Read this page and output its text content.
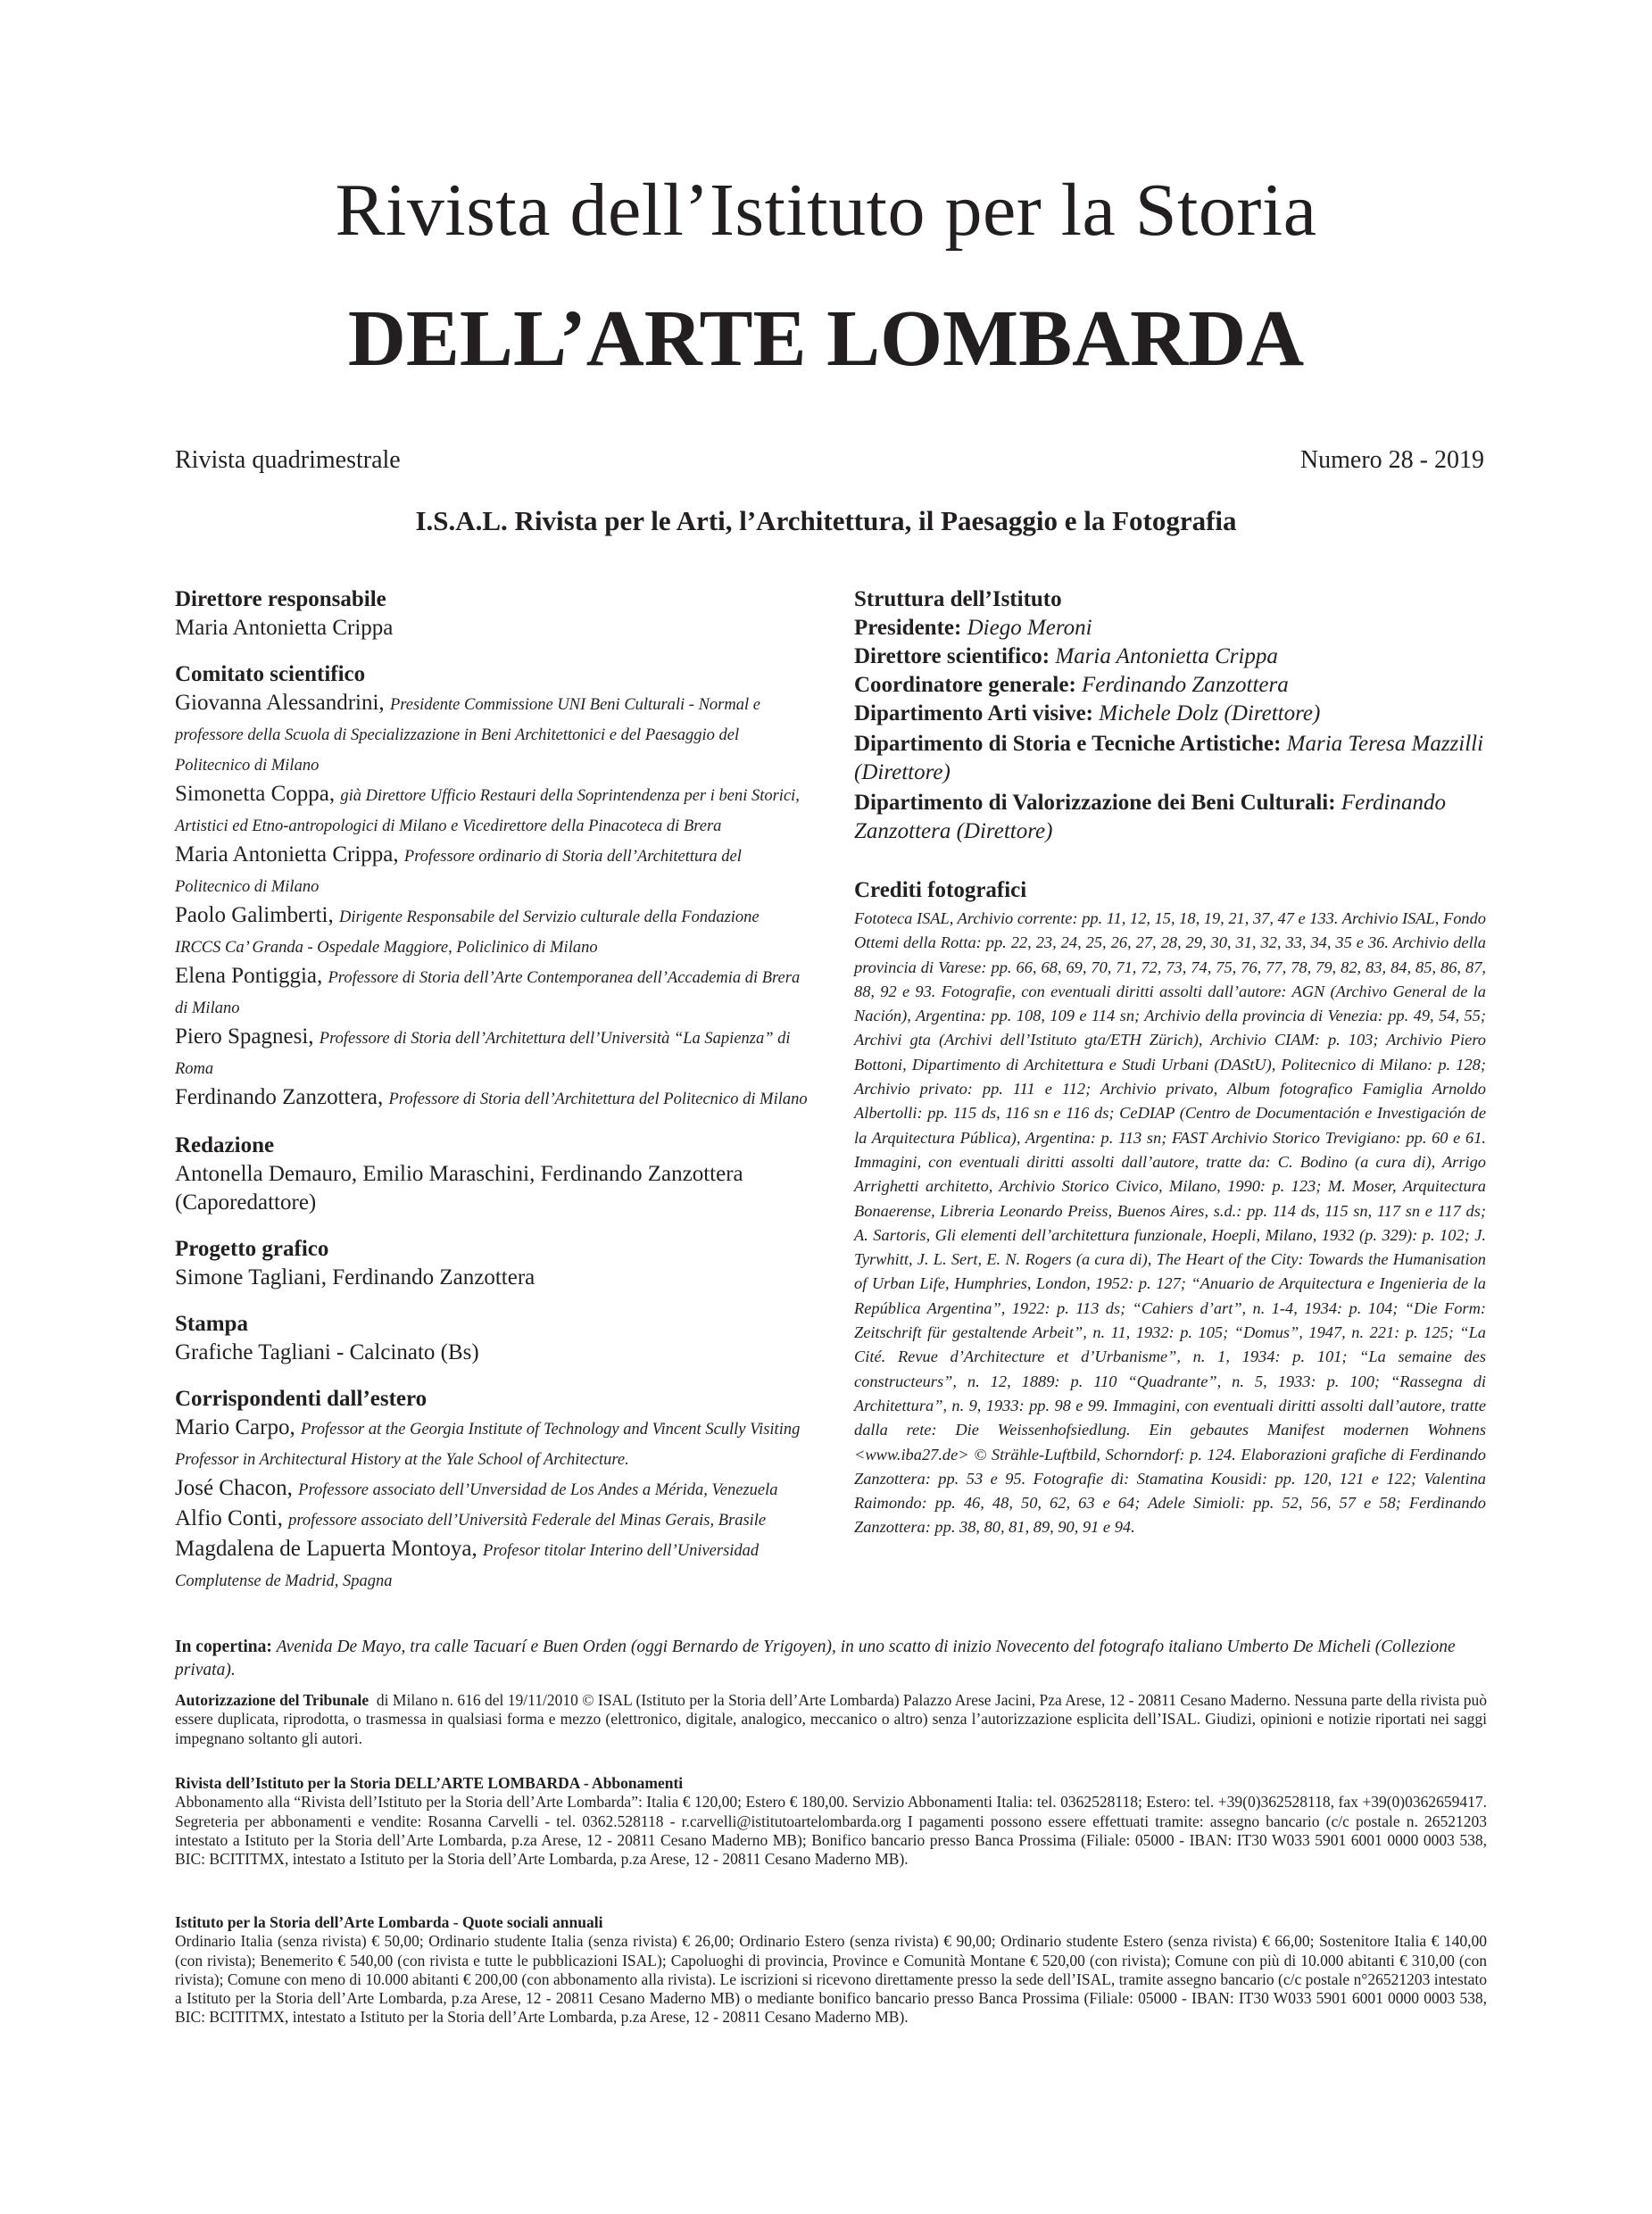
Rivista dell’Istituto per la Storia
DELL’ARTE LOMBARDA
Rivista quadrimestrale	Numero 28 - 2019
I.S.A.L. Rivista per le Arti, l’Architettura, il Paesaggio e la Fotografia
Direttore responsabile
Maria Antonietta Crippa
Comitato scientifico
Giovanna Alessandrini, Presidente Commissione UNI Beni Culturali - Normal e professore della Scuola di Specializzazione in Beni Architettonici e del Paesaggio del Politecnico di Milano
Simonetta Coppa, già Direttore Ufficio Restauri della Soprintendenza per i beni Storici, Artistici ed Etno-antropologici di Milano e Vicedirettore della Pinacoteca di Brera
Maria Antonietta Crippa, Professore ordinario di Storia dell’Architettura del Politecnico di Milano
Paolo Galimberti, Dirigente Responsabile del Servizio culturale della Fondazione IRCCS Ca’ Granda - Ospedale Maggiore, Policlinico di Milano
Elena Pontiggia, Professore di Storia dell’Arte Contemporanea dell’Accademia di Brera di Milano
Piero Spagnesi, Professore di Storia dell’Architettura dell’Università “La Sapienza” di Roma
Ferdinando Zanzottera, Professore di Storia dell’Architettura del Politecnico di Milano
Redazione
Antonella Demauro, Emilio Maraschini, Ferdinando Zanzottera (Caporedattore)
Progetto grafico
Simone Tagliani, Ferdinando Zanzottera
Stampa
Grafiche Tagliani - Calcinato (Bs)
Corrispondenti dall’estero
Mario Carpo, Professor at the Georgia Institute of Technology and Vincent Scully Visiting Professor in Architectural History at the Yale School of Architecture.
José Chacon, Professore associato dell’Unversidad de Los Andes a Mérida, Venezuela
Alfio Conti, professore associato dell’Università Federale del Minas Gerais, Brasile
Magdalena de Lapuerta Montoya, Profesor titolar Interino dell’Universidad Complutense de Madrid, Spagna
Struttura dell’Istituto
Presidente: Diego Meroni
Direttore scientifico: Maria Antonietta Crippa
Coordinatore generale: Ferdinando Zanzottera
Dipartimento Arti visive: Michele Dolz (Direttore)
Dipartimento di Storia e Tecniche Artistiche: Maria Teresa Mazzilli (Direttore)
Dipartimento di Valorizzazione dei Beni Culturali: Ferdinando Zanzottera (Direttore)
Crediti fotografici
Fototeca ISAL, Archivio corrente: pp. 11, 12, 15, 18, 19, 21, 37, 47 e 133. Archivio ISAL, Fondo Ottemi della Rotta: pp. 22, 23, 24, 25, 26, 27, 28, 29, 30, 31, 32, 33, 34, 35 e 36. Archivio della provincia di Varese: pp. 66, 68, 69, 70, 71, 72, 73, 74, 75, 76, 77, 78, 79, 82, 83, 84, 85, 86, 87, 88, 92 e 93. Fotografie, con eventuali diritti assolti dall’autore: AGN (Archivo General de la Nación), Argentina: pp. 108, 109 e 114 sn; Archivio della provincia di Venezia: pp. 49, 54, 55; Archivi gta (Archivi dell’Istituto gta/ETH Zürich), Archivio CIAM: p. 103; Archivio Piero Bottoni, Dipartimento di Architettura e Studi Urbani (DAStU), Politecnico di Milano: p. 128; Archivio privato: pp. 111 e 112; Archivio privato, Album fotografico Famiglia Arnoldo Albertolli: pp. 115 ds, 116 sn e 116 ds; CeDIAP (Centro de Documentación e Investigación de la Arquitectura Pública), Argentina: p. 113 sn; FAST Archivio Storico Trevigiano: pp. 60 e 61. Immagini, con eventuali diritti assolti dall’autore, tratte da: C. Bodino (a cura di), Arrigo Arrighetti architetto, Archivio Storico Civico, Milano, 1990: p. 123; M. Moser, Arquitectura Bonaerense, Libreria Leonardo Preiss, Buenos Aires, s.d.: pp. 114 ds, 115 sn, 117 sn e 117 ds; A. Sartoris, Gli elementi dell’architettura funzionale, Hoepli, Milano, 1932 (p. 329): p. 102; J. Tyrwhitt, J. L. Sert, E. N. Rogers (a cura di), The Heart of the City: Towards the Humanisation of Urban Life, Humphries, London, 1952: p. 127; “Anuario de Arquitectura e Ingenieria de la República Argentina”, 1922: p. 113 ds; “Cahiers d’art”, n. 1-4, 1934: p. 104; “Die Form: Zeitschrift für gestaltende Arbeit”, n. 11, 1932: p. 105; “Domus”, 1947, n. 221: p. 125; “La Cité. Revue d’Architecture et d’Urbanisme”, n. 1, 1934: p. 101; “La semaine des constructeurs”, n. 12, 1889: p. 110 “Quadrante”, n. 5, 1933: p. 100; “Rassegna di Architettura”, n. 9, 1933: pp. 98 e 99. Immagini, con eventuali diritti assolti dall’autore, tratte dalla rete: Die Weissenhofsiedlung. Ein gebautes Manifest modernen Wohnens <www.iba27.de> © Strähle-Luftbild, Schorndorf: p. 124. Elaborazioni grafiche di Ferdinando Zanzottera: pp. 53 e 95. Fotografie di: Stamatina Kousidi: pp. 120, 121 e 122; Valentina Raimondo: pp. 46, 48, 50, 62, 63 e 64; Adele Simioli: pp. 52, 56, 57 e 58; Ferdinando Zanzottera: pp. 38, 80, 81, 89, 90, 91 e 94.
In copertina: Avenida De Mayo, tra calle Tacuarí e Buen Orden (oggi Bernardo de Yrigoyen), in uno scatto di inizio Novecento del fotografo italiano Umberto De Micheli (Collezione privata).
Autorizzazione del Tribunale di Milano n. 616 del 19/11/2010 © ISAL (Istituto per la Storia dell’Arte Lombarda) Palazzo Arese Jacini, Pza Arese, 12 - 20811 Cesano Maderno. Nessuna parte della rivista può essere duplicata, riprodotta, o trasmessa in qualsiasi forma e mezzo (elettronico, digitale, analogico, meccanico o altro) senza l’autorizzazione esplicita dell’ISAL. Giudizi, opinioni e notizie riportati nei saggi impegnano soltanto gli autori.
Rivista dell’Istituto per la Storia DELL’ARTE LOMBARDA - Abbonamenti
Abbonamento alla “Rivista dell’Istituto per la Storia dell’Arte Lombarda”: Italia € 120,00; Estero € 180,00. Servizio Abbonamenti Italia: tel. 0362528118; Estero: tel. +39(0)362528118, fax +39(0)0362659417. Segreteria per abbonamenti e vendite: Rosanna Carvelli - tel. 0362.528118 - r.carvelli@istitutoartelombarda.org I pagamenti possono essere effettuati tramite: assegno bancario (c/c postale n. 26521203 intestato a Istituto per la Storia dell’Arte Lombarda, p.za Arese, 12 - 20811 Cesano Maderno MB); Bonifico bancario presso Banca Prossima (Filiale: 05000 - IBAN: IT30 W033 5901 6001 0000 0003 538, BIC: BCITITMX, intestato a Istituto per la Storia dell’Arte Lombarda, p.za Arese, 12 - 20811 Cesano Maderno MB).
Istituto per la Storia dell’Arte Lombarda - Quote sociali annuali
Ordinario Italia (senza rivista) € 50,00; Ordinario studente Italia (senza rivista) € 26,00; Ordinario Estero (senza rivista) € 90,00; Ordinario studente Estero (senza rivista) € 66,00; Sostenitore Italia € 140,00 (con rivista); Benemerito € 540,00 (con rivista e tutte le pubblicazioni ISAL); Capoluoghi di provincia, Province e Comunità Montane € 520,00 (con rivista); Comune con più di 10.000 abitanti € 310,00 (con rivista); Comune con meno di 10.000 abitanti € 200,00 (con abbonamento alla rivista). Le iscrizioni si ricevono direttamente presso la sede dell’ISAL, tramite assegno bancario (c/c postale n°26521203 intestato a Istituto per la Storia dell’Arte Lombarda, p.za Arese, 12 - 20811 Cesano Maderno MB) o mediante bonifico bancario presso Banca Prossima (Filiale: 05000 - IBAN: IT30 W033 5901 6001 0000 0003 538, BIC: BCITITMX, intestato a Istituto per la Storia dell’Arte Lombarda, p.za Arese, 12 - 20811 Cesano Maderno MB).
